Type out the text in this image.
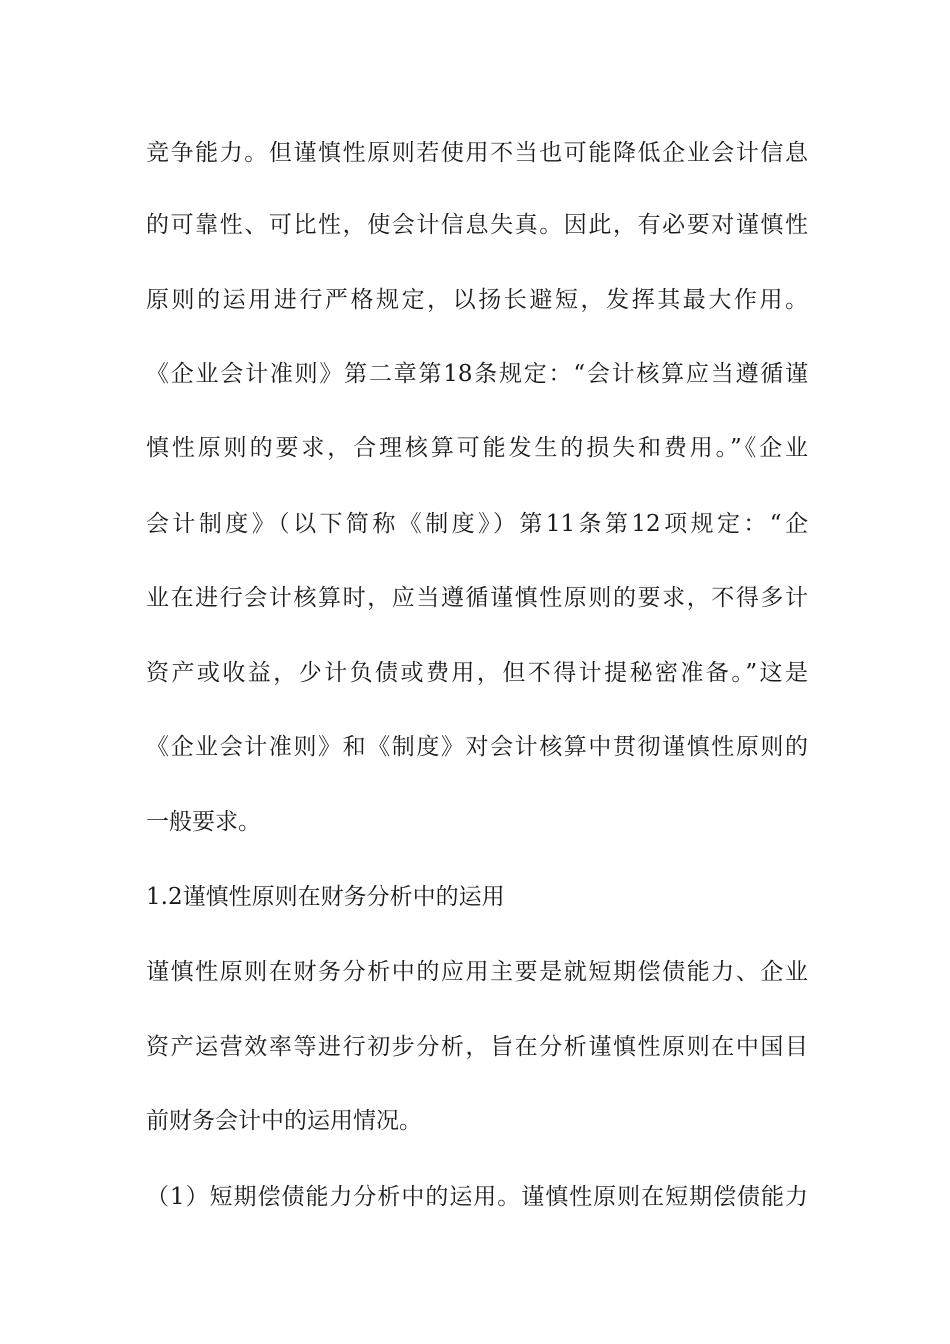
竞争能力。但谨慎性原则若使用不当也可能降低企业会计信息
的可靠性、可比性，使会计信息失真。因此，有必要对谨慎性
原则的运用进行严格规定，以扬长避短，发挥其最大作用。
《企业会计准则》第二章第18条规定：“会计核算应当遵循谨
慎性原则的要求，合理核算可能发生的损失和费用。”《企业
会计制度》（以下简称《制度》）第11条第12项规定：“企
业在进行会计核算时，应当遵循谨慎性原则的要求，不得多计
资产或收益，少计负债或费用，但不得计提秘密准备。”这是
《企业会计准则》和《制度》对会计核算中贯彻谨慎性原则的
一般要求。
1.2谨慎性原则在财务分析中的运用
谨慎性原则在财务分析中的应用主要是就短期偿债能力、企业
资产运营效率等进行初步分析，旨在分析谨慎性原则在中国目
前财务会计中的运用情况。
（1）短期偿债能力分析中的运用。谨慎性原则在短期偿债能力
